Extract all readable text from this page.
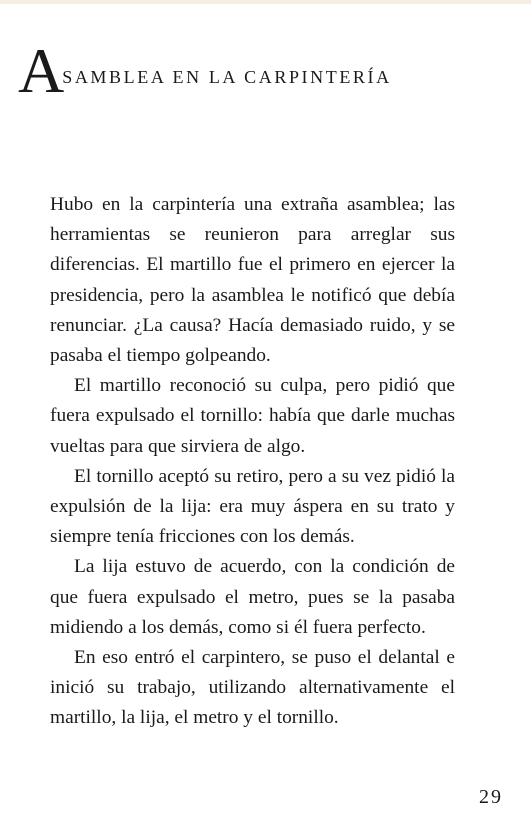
$A^{SAMBLEA EN LA CARPINTERÍA}$

Hubo en la carpintería una extraña asamblea; las herramientas se reunieron para arreglar sus diferencias. El martillo fue el primero en ejercer la presidencia, pero la asamblea le notificó que debía renunciar. ¿La causa? Hacía demasiado ruido, y se pasaba el tiempo golpeando.

El martillo reconoció su culpa, pero pidió que fuera expulsado el tornillo: había que darle muchas vueltas para que sirviera de algo.

El tornillo aceptó su retiro, pero a su vez pidió la expulsión de la lija: era muy áspera en su trato y siempre tenía fricciones con los demás.

La lija estuvo de acuerdo, con la condición de que fuera expulsado el metro, pues se la pasaba midiendo a los demás, como si él fuera perfecto.

En eso entró el carpintero, se puso el delantal e inició su trabajo, utilizando alternativamente el martillo, la lija, el metro y el tornillo.

29
